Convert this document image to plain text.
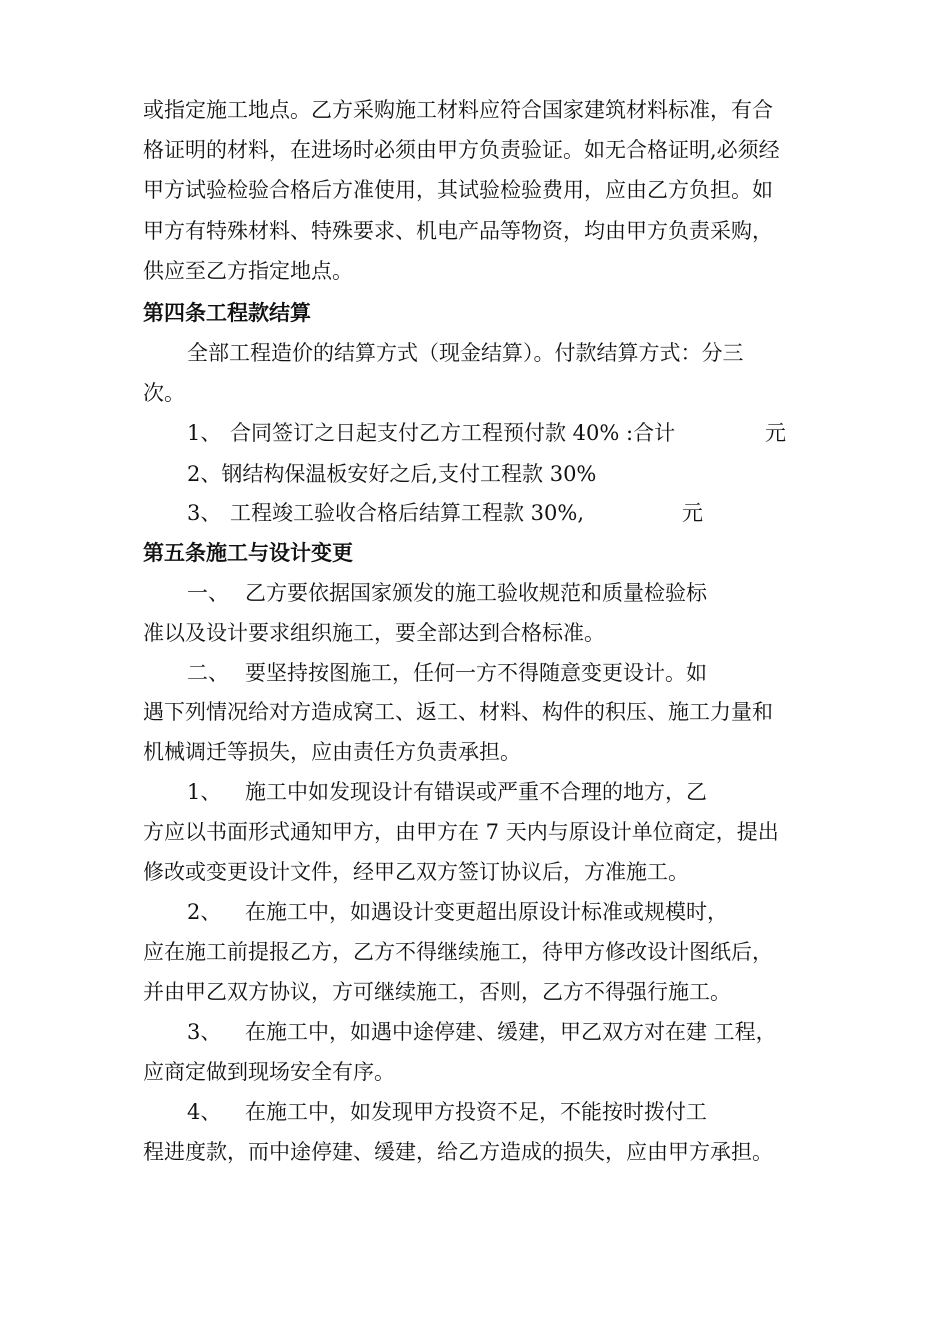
或指定施工地点。乙方采购施工材料应符合国家建筑材料标准，有合
格证明的材料，在进场时必须由甲方负责验证。如无合格证明,必须经
甲方试验检验合格后方准使用，其试验检验费用，应由乙方负担。如
甲方有特殊材料、特殊要求、机电产品等物资，均由甲方负责采购，
供应至乙方指定地点。
第四条工程款结算
全部工程造价的结算方式（现金结算）。付款结算方式：分三
次。
1、 合同签订之日起支付乙方工程预付款 40% :合计	元
2、钢结构保温板安好之后,支付工程款 30%
3、 工程竣工验收合格后结算工程款 30%,	元
第五条施工与设计变更
一、 乙方要依据国家颁发的施工验收规范和质量检验标
准以及设计要求组织施工，要全部达到合格标准。
二、 要坚持按图施工，任何一方不得随意变更设计。如
遇下列情况给对方造成窝工、返工、材料、构件的积压、施工力量和
机械调迁等损失，应由责任方负责承担。
1、 施工中如发现设计有错误或严重不合理的地方，乙
方应以书面形式通知甲方，由甲方在 7 天内与原设计单位商定，提出
修改或变更设计文件，经甲乙双方签订协议后，方准施工。
2、 在施工中，如遇设计变更超出原设计标准或规模时，
应在施工前提报乙方，乙方不得继续施工，待甲方修改设计图纸后，
并由甲乙双方协议，方可继续施工，否则，乙方不得强行施工。
3、 在施工中，如遇中途停建、缓建，甲乙双方对在建 工程，
应商定做到现场安全有序。
4、 在施工中，如发现甲方投资不足，不能按时拨付工
程进度款，而中途停建、缓建，给乙方造成的损失，应由甲方承担。
